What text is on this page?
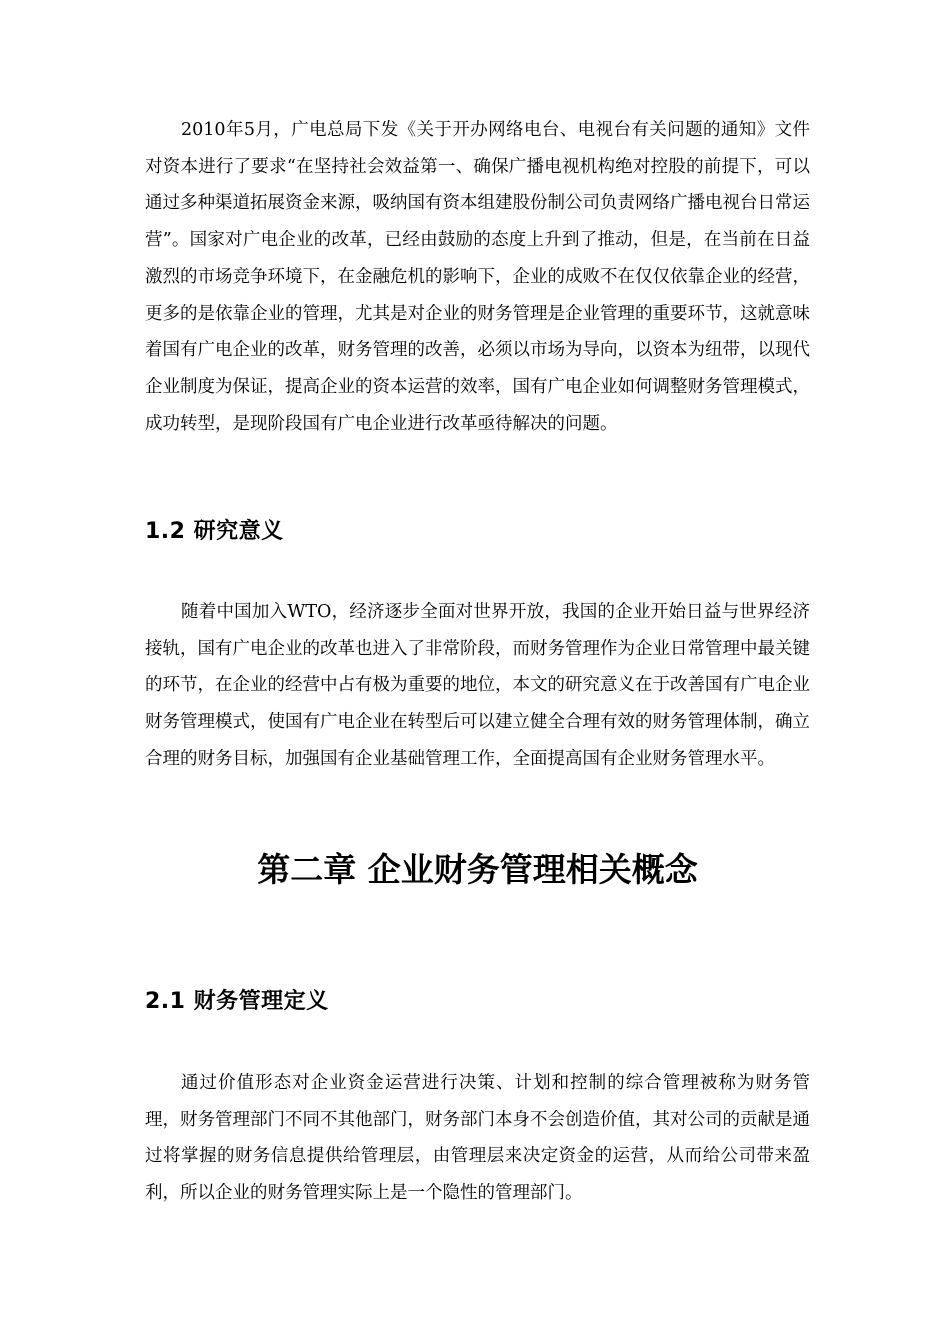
2010年5月，广电总局下发《关于开办网络电台、电视台有关问题的通知》文件对资本进行了要求“在坚持社会效益第一、确保广播电视机构绝对控股的前提下，可以通过多种渠道拓展资金来源，吸纳国有资本组建股份制公司负责网络广播电视台日常运营”。国家对广电企业的改革，已经由鼓励的态度上升到了推动，但是，在当前在日益激烈的市场竞争环境下，在金融危机的影响下，企业的成败不在仅仅依靠企业的经营，更多的是依靠企业的管理，尤其是对企业的财务管理是企业管理的重要环节，这就意味着国有广电企业的改革，财务管理的改善，必须以市场为导向，以资本为纽带，以现代企业制度为保证，提高企业的资本运营的效率，国有广电企业如何调整财务管理模式，成功转型，是现阶段国有广电企业进行改革亟待解决的问题。

1.2 研究意义

随着中国加入WTO，经济逐步全面对世界开放，我国的企业开始日益与世界经济接轨，国有广电企业的改革也进入了非常阶段，而财务管理作为企业日常管理中最关键的环节，在企业的经营中占有极为重要的地位，本文的研究意义在于改善国有广电企业财务管理模式，使国有广电企业在转型后可以建立健全合理有效的财务管理体制，确立合理的财务目标，加强国有企业基础管理工作，全面提高国有企业财务管理水平。

第二章 企业财务管理相关概念
2.1 财务管理定义

通过价值形态对企业资金运营进行决策、计划和控制的综合管理被称为财务管理，财务管理部门不同不其他部门，财务部门本身不会创造价值，其对公司的贡献是通过将掌握的财务信息提供给管理层，由管理层来决定资金的运营，从而给公司带来盈利，所以企业的财务管理实际上是一个隐性的管理部门。
